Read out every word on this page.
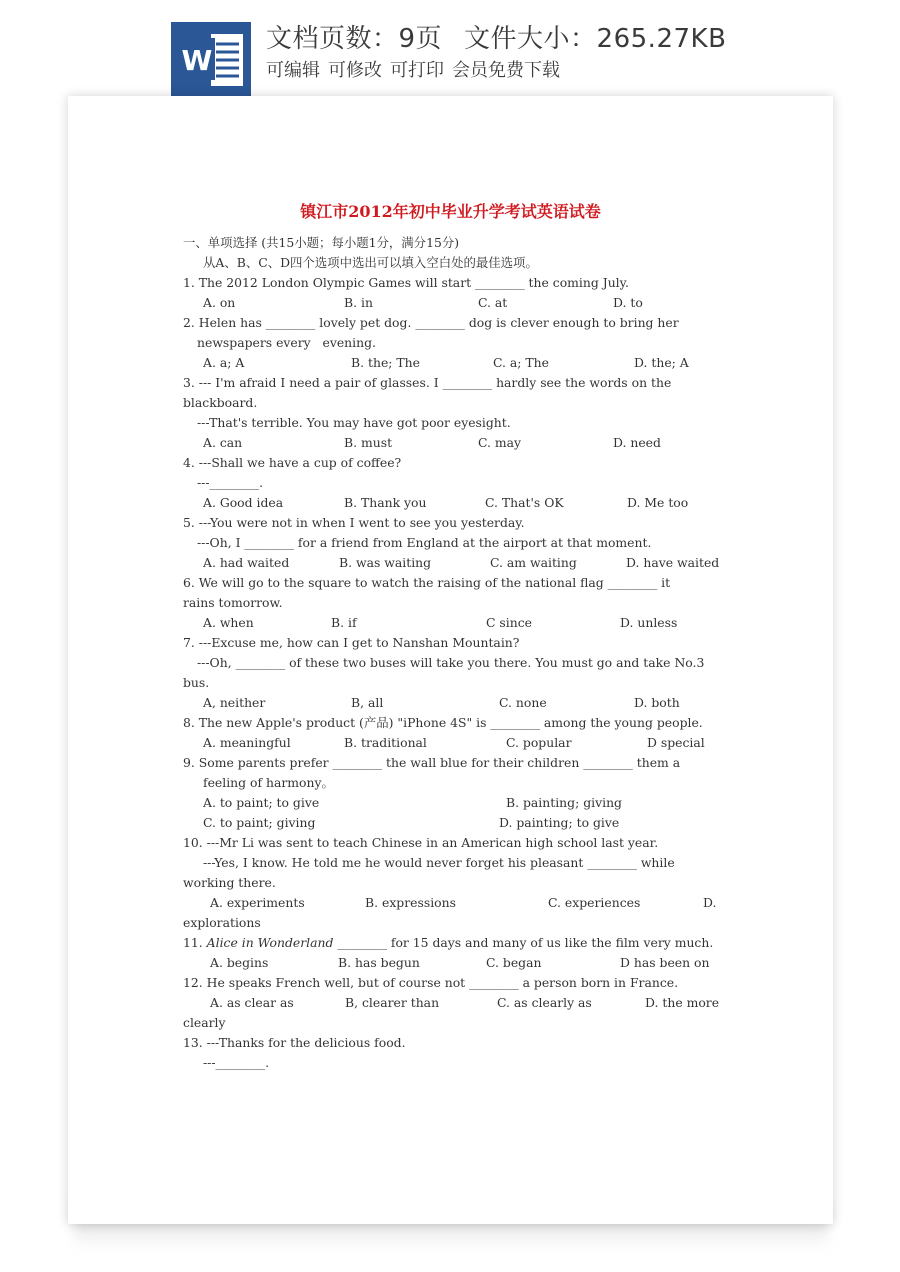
W
文档页数：9页 文件大小：265.27KB
可编辑 可修改 可打印 会员免费下载
镇江市2012年初中毕业升学考试英语试卷
一、单项选择 (共15小题；每小题1分，满分15分)
从A、B、C、D四个选项中选出可以填入空白处的最佳选项。
1. The 2012 London Olympic Games will start ________ the coming July.
A. on	B. in	C. at	D. to
2. Helen has ________ lovely pet dog. ________ dog is clever enough to bring her
newspapers every   evening.
A. a; A	B. the; The	C. a; The	D. the; A
3. --- I'm afraid I need a pair of glasses. I ________ hardly see the words on the
blackboard.
---That's terrible. You may have got poor eyesight.
A. can	B. must	C. may	D. need
4. ---Shall we have a cup of coffee?
---________.
A. Good idea	B. Thank you	C. That's OK	D. Me too
5. ---You were not in when I went to see you yesterday.
---Oh, I ________ for a friend from England at the airport at that moment.
A. had waited	B. was waiting	C. am waiting	D. have waited
6. We will go to the square to watch the raising of the national flag ________ it
rains tomorrow.
A. when	B. if	C since	D. unless
7. ---Excuse me, how can I get to Nanshan Mountain?
---Oh, ________ of these two buses will take you there. You must go and take No.3
bus.
A, neither	B, all	C. none	D. both
8. The new Apple's product (产品) "iPhone 4S" is ________ among the young people.
A. meaningful	B. traditional	C. popular	D special
9. Some parents prefer ________ the wall blue for their children ________ them a
feeling of harmony。
A. to paint; to give	B. painting; giving
C. to paint; giving	D. painting; to give
10. ---Mr Li was sent to teach Chinese in an American high school last year.
---Yes, I know. He told me he would never forget his pleasant ________ while
working there.
A. experiments	B. expressions	C. experiences	D.
explorations
11. Alice in Wonderland ________ for 15 days and many of us like the film very much.
A. begins	B. has begun	C. began	D has been on
12. He speaks French well, but of course not ________ a person born in France.
A. as clear as	B, clearer than	C. as clearly as	D. the more
clearly
13. ---Thanks for the delicious food.
---________.
